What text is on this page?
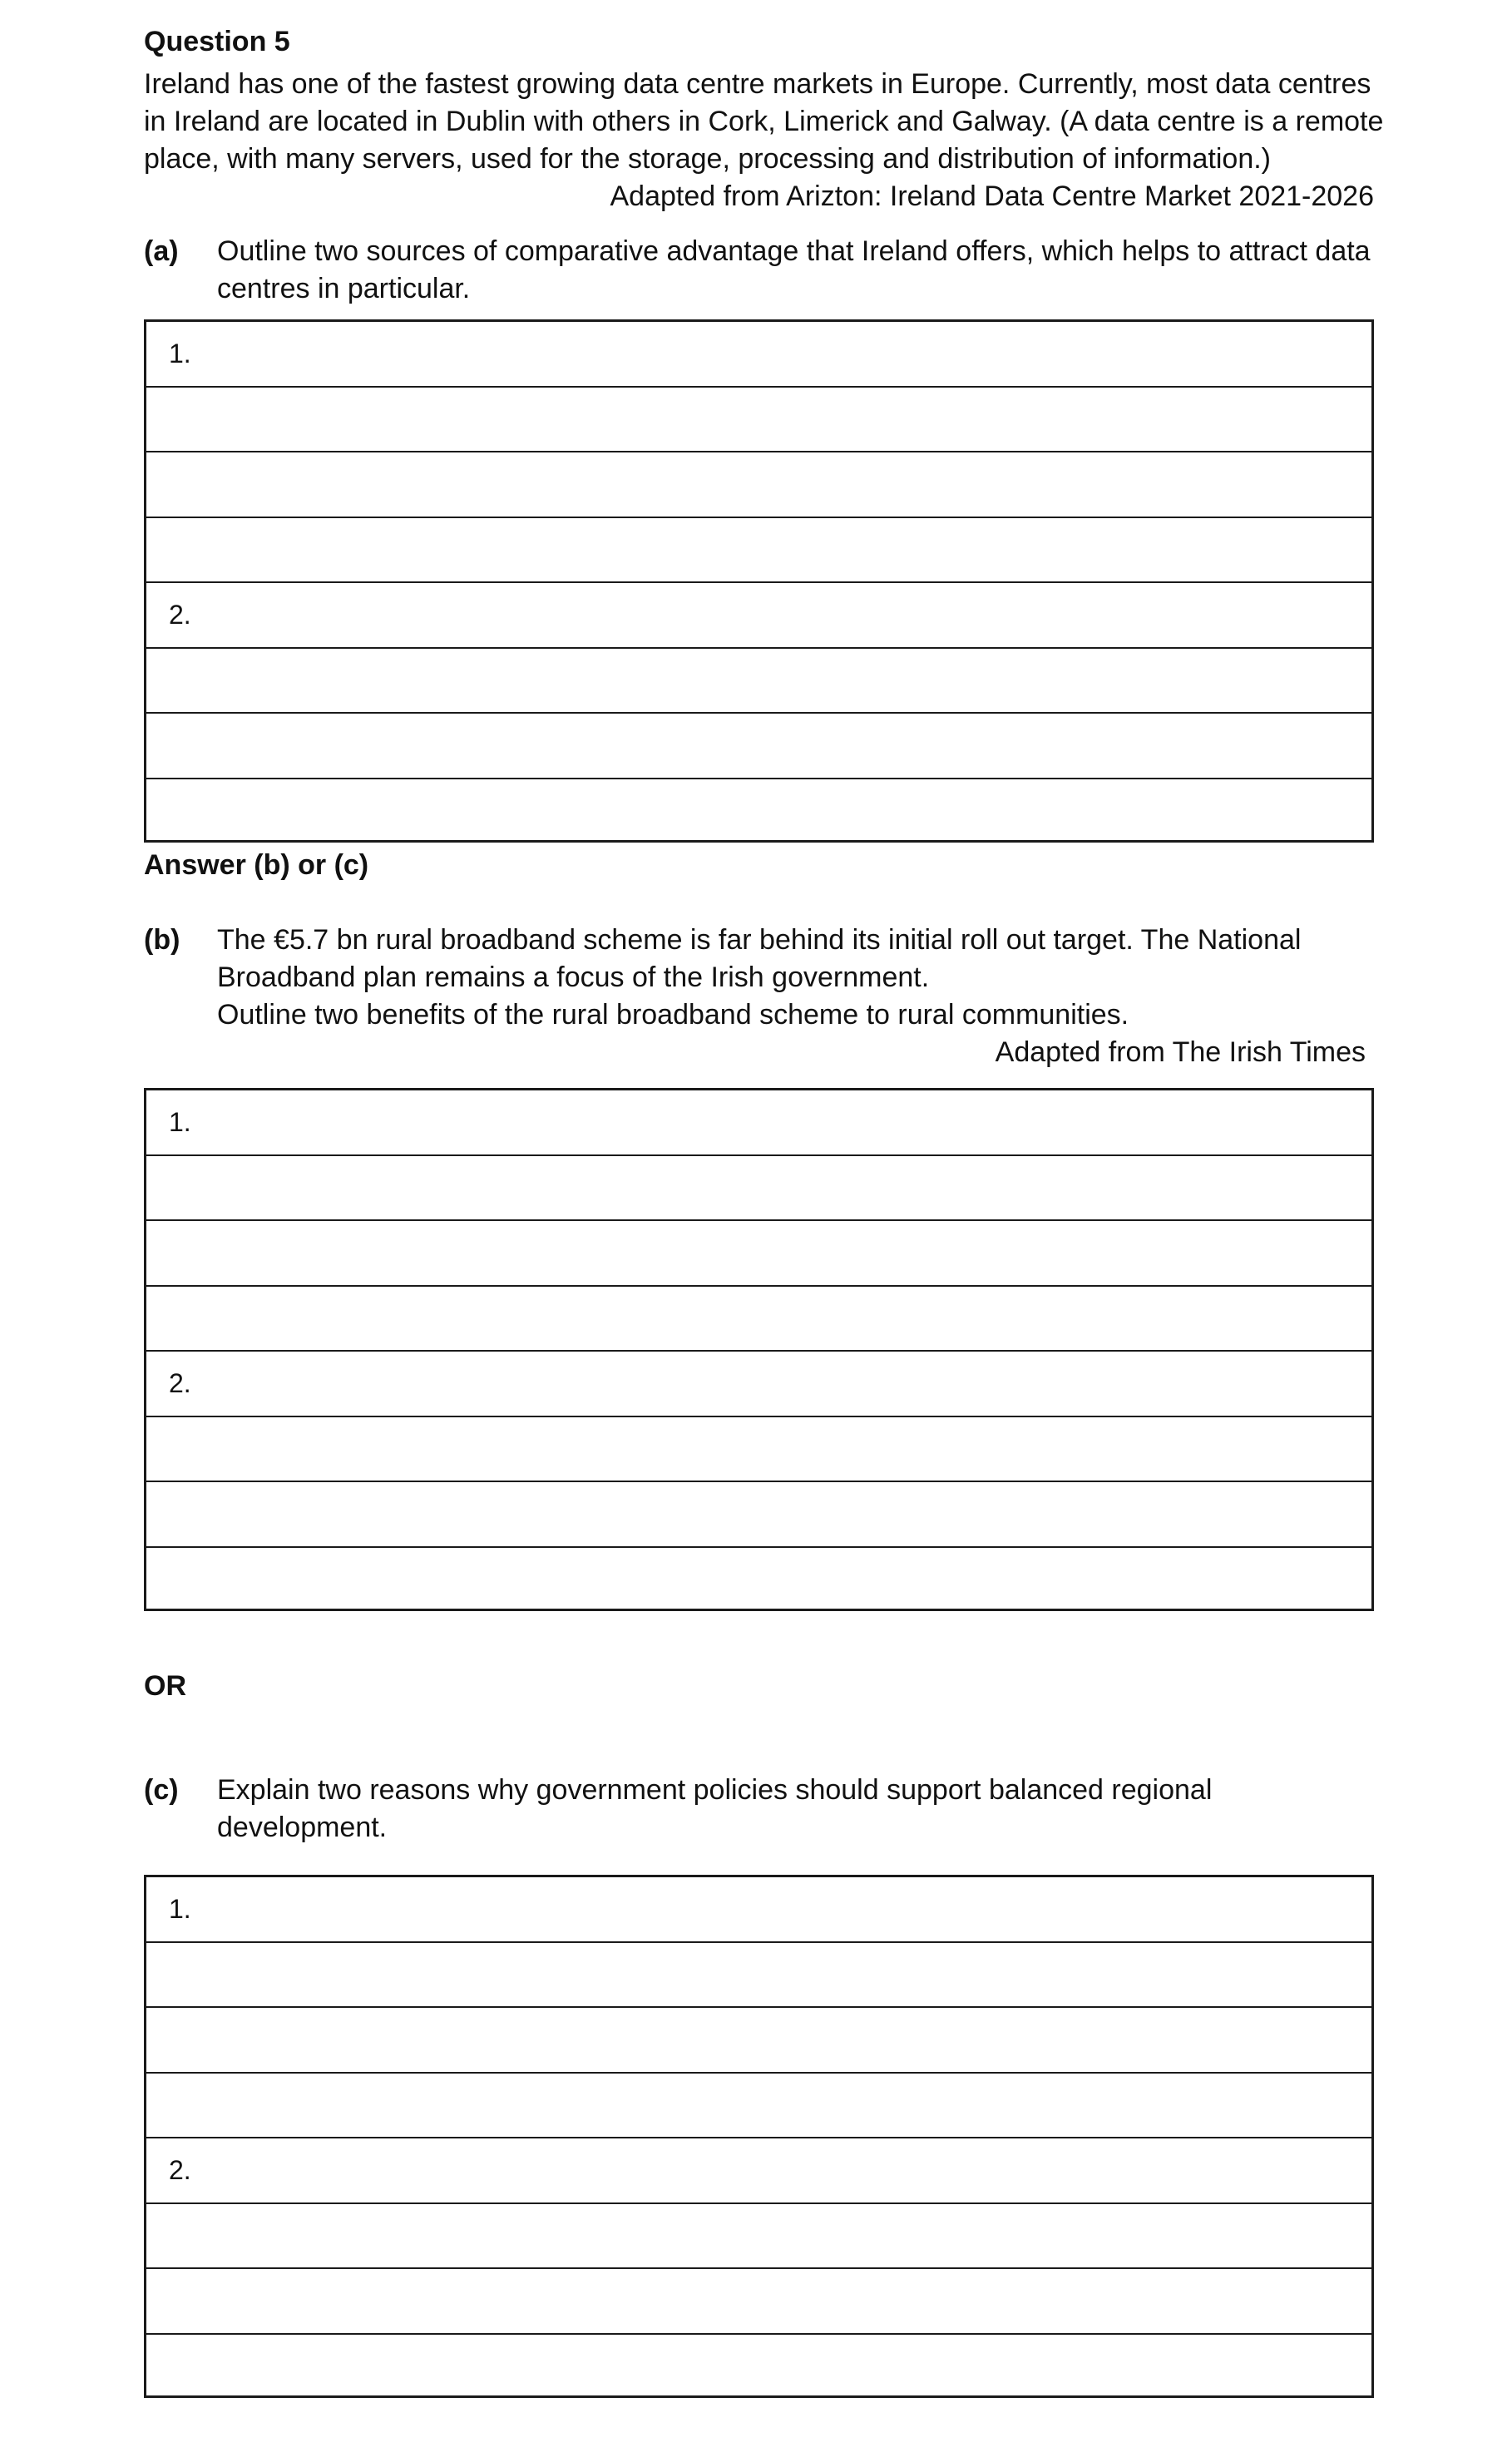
Question 5
Ireland has one of the fastest growing data centre markets in Europe. Currently, most data centres
in Ireland are located in Dublin with others in Cork, Limerick and Galway. (A data centre is a remote
place, with many servers, used for the storage, processing and distribution of information.)
Adapted from Arizton: Ireland Data Centre Market 2021-2026
(a) Outline two sources of comparative advantage that Ireland offers, which helps to attract data
centres in particular.
1.
2.
Answer (b) or (c)
(b) The €5.7 bn rural broadband scheme is far behind its initial roll out target. The National
Broadband plan remains a focus of the Irish government.
Outline two benefits of the rural broadband scheme to rural communities.
Adapted from The Irish Times
1.
2.
OR
(c) Explain two reasons why government policies should support balanced regional
development.
1.
2.
